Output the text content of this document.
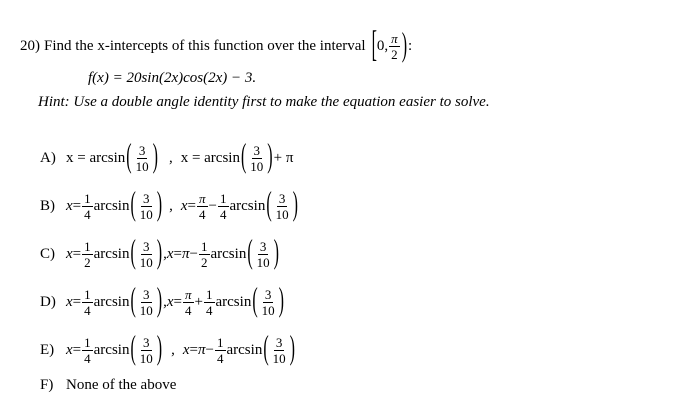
20) Find the x-intercepts of this function over the interval [ 0, $\frac{\pi}{2}$ ) :
f(x) = 20sin(2x)cos(2x) − 3.
Hint: Use a double angle identity first to make the equation easier to solve.
A) x = arcsin ( $\frac{3}{10}$ ) , x = arcsin ( $\frac{3}{10}$ ) + π
B) $x = \frac{1}{4}$ arcsin ( $\frac{3}{10}$ ) , $x = \frac{\pi}{4} - \frac{1}{4}$ arcsin ( $\frac{3}{10}$ )
C) $x = \frac{1}{2}$ arcsin ( $\frac{3}{10}$ ) , $x = \pi - \frac{1}{2}$ arcsin ( $\frac{3}{10}$ )
D) $x = \frac{1}{4}$ arcsin ( $\frac{3}{10}$ ) , $x = \frac{\pi}{4} + \frac{1}{4}$ arcsin ( $\frac{3}{10}$ )
E) $x = \frac{1}{4}$ arcsin ( $\frac{3}{10}$ ) , $x = \pi - \frac{1}{4}$ arcsin ( $\frac{3}{10}$ )
F) None of the above
